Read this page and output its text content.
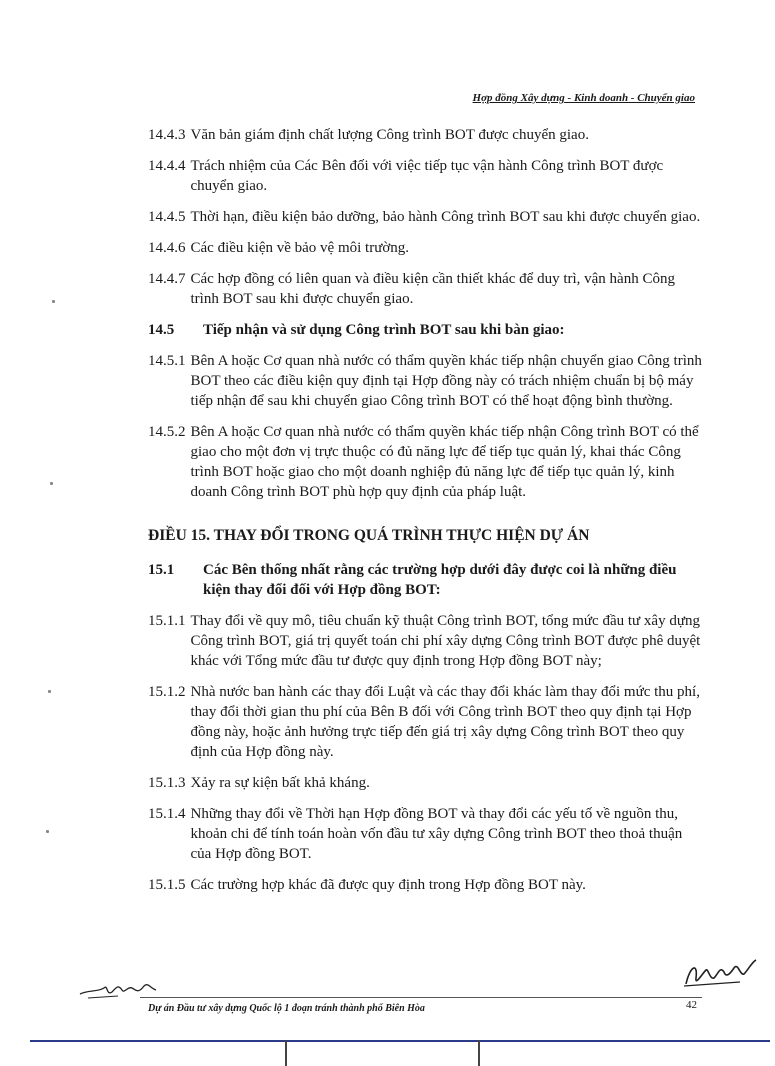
Hợp đồng Xây dựng - Kinh doanh - Chuyển giao
14.4.3 Văn bản giám định chất lượng Công trình BOT được chuyển giao.
14.4.4 Trách nhiệm của Các Bên đối với việc tiếp tục vận hành Công trình BOT được chuyển giao.
14.4.5 Thời hạn, điều kiện bảo dưỡng, bảo hành Công trình BOT sau khi được chuyển giao.
14.4.6 Các điều kiện về bảo vệ môi trường.
14.4.7 Các hợp đồng có liên quan và điều kiện cần thiết khác để duy trì, vận hành Công trình BOT sau khi được chuyển giao.
14.5	Tiếp nhận và sử dụng Công trình BOT sau khi bàn giao:
14.5.1 Bên A hoặc Cơ quan nhà nước có thẩm quyền khác tiếp nhận chuyển giao Công trình BOT theo các điều kiện quy định tại Hợp đồng này có trách nhiệm chuẩn bị bộ máy tiếp nhận để sau khi chuyển giao Công trình BOT có thể hoạt động bình thường.
14.5.2 Bên A hoặc Cơ quan nhà nước có thẩm quyền khác tiếp nhận Công trình BOT có thể giao cho một đơn vị trực thuộc có đủ năng lực để tiếp tục quản lý, khai thác Công trình BOT hoặc giao cho một doanh nghiệp đủ năng lực để tiếp tục quản lý, kinh doanh Công trình BOT phù hợp quy định của pháp luật.
ĐIỀU 15. THAY ĐỔI TRONG QUÁ TRÌNH THỰC HIỆN DỰ ÁN
15.1	Các Bên thống nhất rằng các trường hợp dưới đây được coi là những điều kiện thay đổi đối với Hợp đồng BOT:
15.1.1 Thay đổi về quy mô, tiêu chuẩn kỹ thuật Công trình BOT, tổng mức đầu tư xây dựng Công trình BOT, giá trị quyết toán chi phí xây dựng Công trình BOT được phê duyệt khác với Tổng mức đầu tư được quy định trong Hợp đồng BOT này;
15.1.2 Nhà nước ban hành các thay đổi Luật và các thay đổi khác làm thay đổi mức thu phí, thay đổi thời gian thu phí của Bên B đối với Công trình BOT theo quy định tại Hợp đồng này, hoặc ảnh hưởng trực tiếp đến giá trị xây dựng Công trình BOT theo quy định của Hợp đồng này.
15.1.3 Xảy ra sự kiện bất khả kháng.
15.1.4 Những thay đổi về Thời hạn Hợp đồng BOT và thay đổi các yếu tố về nguồn thu, khoản chi để tính toán hoàn vốn đầu tư xây dựng Công trình BOT theo thoả thuận của Hợp đồng BOT.
15.1.5 Các trường hợp khác đã được quy định trong Hợp đồng BOT này.
Dự án Đầu tư xây dựng Quốc lộ 1 đoạn tránh thành phố Biên Hòa	42
